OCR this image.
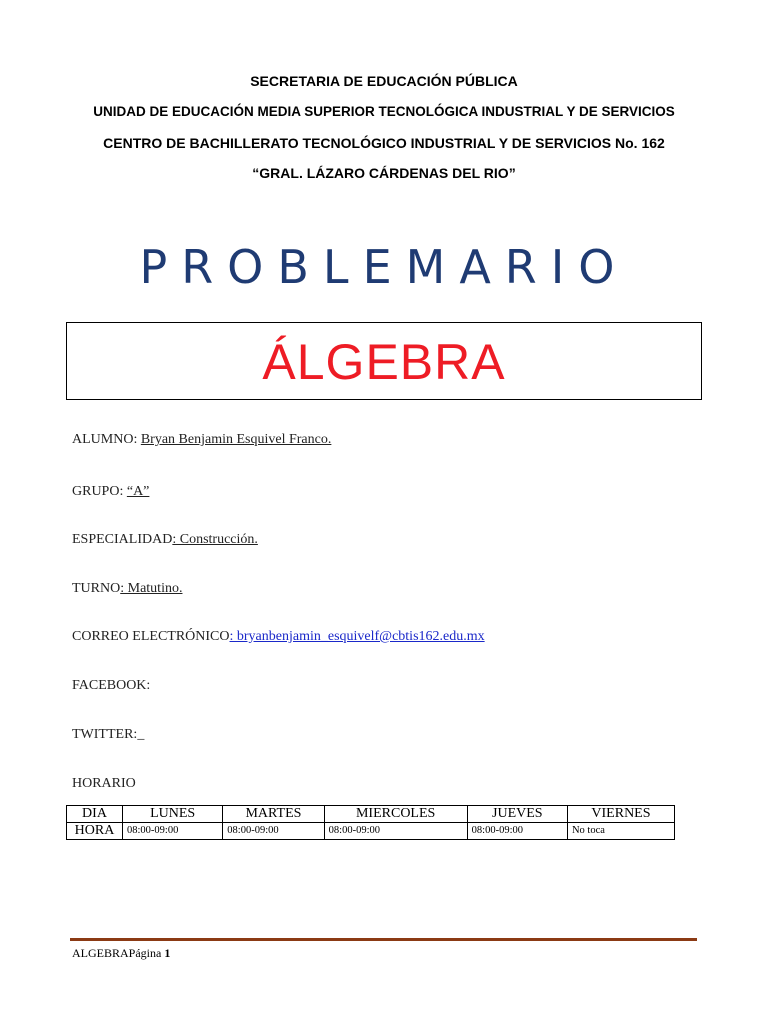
SECRETARIA DE EDUCACIÓN PÚBLICA
UNIDAD DE EDUCACIÓN MEDIA SUPERIOR TECNOLÓGICA INDUSTRIAL Y DE SERVICIOS
CENTRO DE BACHILLERATO TECNOLÓGICO INDUSTRIAL Y DE SERVICIOS No. 162
“GRAL. LÁZARO CÁRDENAS DEL RIO”
PROBLEMARIO
ÁLGEBRA
ALUMNO: Bryan Benjamin Esquivel Franco.
GRUPO: “A”
ESPECIALIDAD: Construcción.
TURNO: Matutino.
CORREO ELECTRÓNICO: bryanbenjamin_esquivelf@cbtis162.edu.mx
FACEBOOK:
TWITTER:_
HORARIO
DIA	LUNES	MARTES	MIERCOLES	JUEVES	VIERNES
HORA	08:00-09:00	08:00-09:00	08:00-09:00	08:00-09:00	No toca
ALGEBRAPágina 1
